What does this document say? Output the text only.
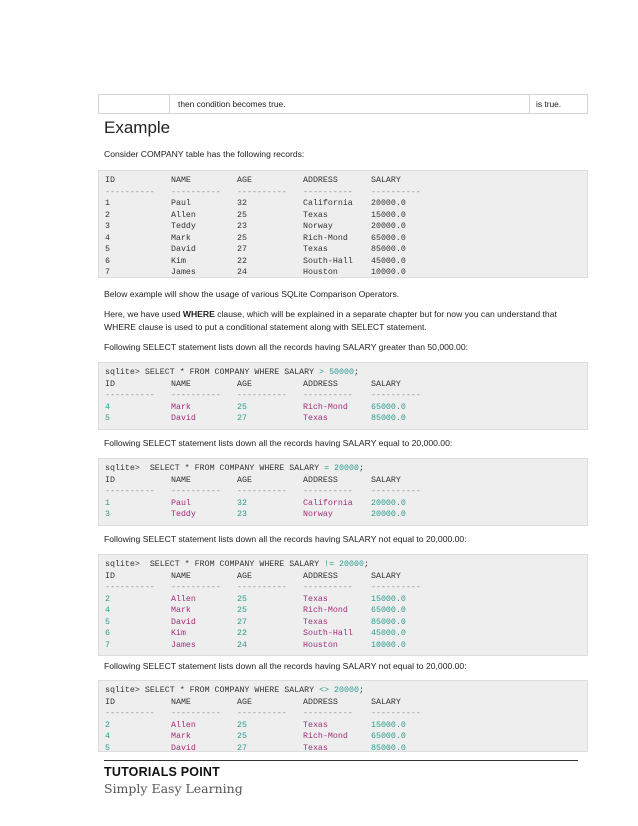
then condition becomes true.	is true.
Example
Consider COMPANY table has the following records:
ID	NAME	AGE	ADDRESS	SALARY
---------- ---------- ---------- ---------- ----------
1	Paul	32	California 20000.0
2	Allen	25	Texas	15000.0
3	Teddy	23	Norway	20000.0
4	Mark	25	Rich-Mond	65000.0
5	David	27	Texas	85000.0
6	Kim	22	South-Hall 45000.0
7	James	24	Houston	10000.0
Below example will show the usage of various SQLite Comparison Operators.
Here, we have used WHERE clause, which will be explained in a separate chapter but for now you can understand that WHERE clause is used to put a conditional statement along with SELECT statement.
Following SELECT statement lists down all the records having SALARY greater than 50,000.00:
sqlite> SELECT * FROM COMPANY WHERE SALARY > 50000;
ID	NAME	AGE	ADDRESS	SALARY
---------- ---------- ---------- ---------- ----------
4	Mark	25	Rich-Mond	65000.0
5	David	27	Texas	85000.0
Following SELECT statement lists down all the records having SALARY equal to 20,000.00:
sqlite>  SELECT * FROM COMPANY WHERE SALARY = 20000;
ID	NAME	AGE	ADDRESS	SALARY
---------- ---------- ---------- ---------- ----------
1	Paul	32	California 20000.0
3	Teddy	23	Norway	20000.0
Following SELECT statement lists down all the records having SALARY not equal to 20,000.00:
sqlite>  SELECT * FROM COMPANY WHERE SALARY != 20000;
ID	NAME	AGE	ADDRESS	SALARY
---------- ---------- ---------- ---------- ----------
2	Allen	25	Texas	15000.0
4	Mark	25	Rich-Mond	65000.0
5	David	27	Texas	85000.0
6	Kim	22	South-Hall 45000.0
7	James	24	Houston	10000.0
Following SELECT statement lists down all the records having SALARY not equal to 20,000.00:
sqlite> SELECT * FROM COMPANY WHERE SALARY <> 20000;
ID	NAME	AGE	ADDRESS	SALARY
---------- ---------- ---------- ---------- ----------
2	Allen	25	Texas	15000.0
4	Mark	25	Rich-Mond	65000.0
5	David	27	Texas	85000.0
TUTORIALS POINT
Simply Easy Learning
